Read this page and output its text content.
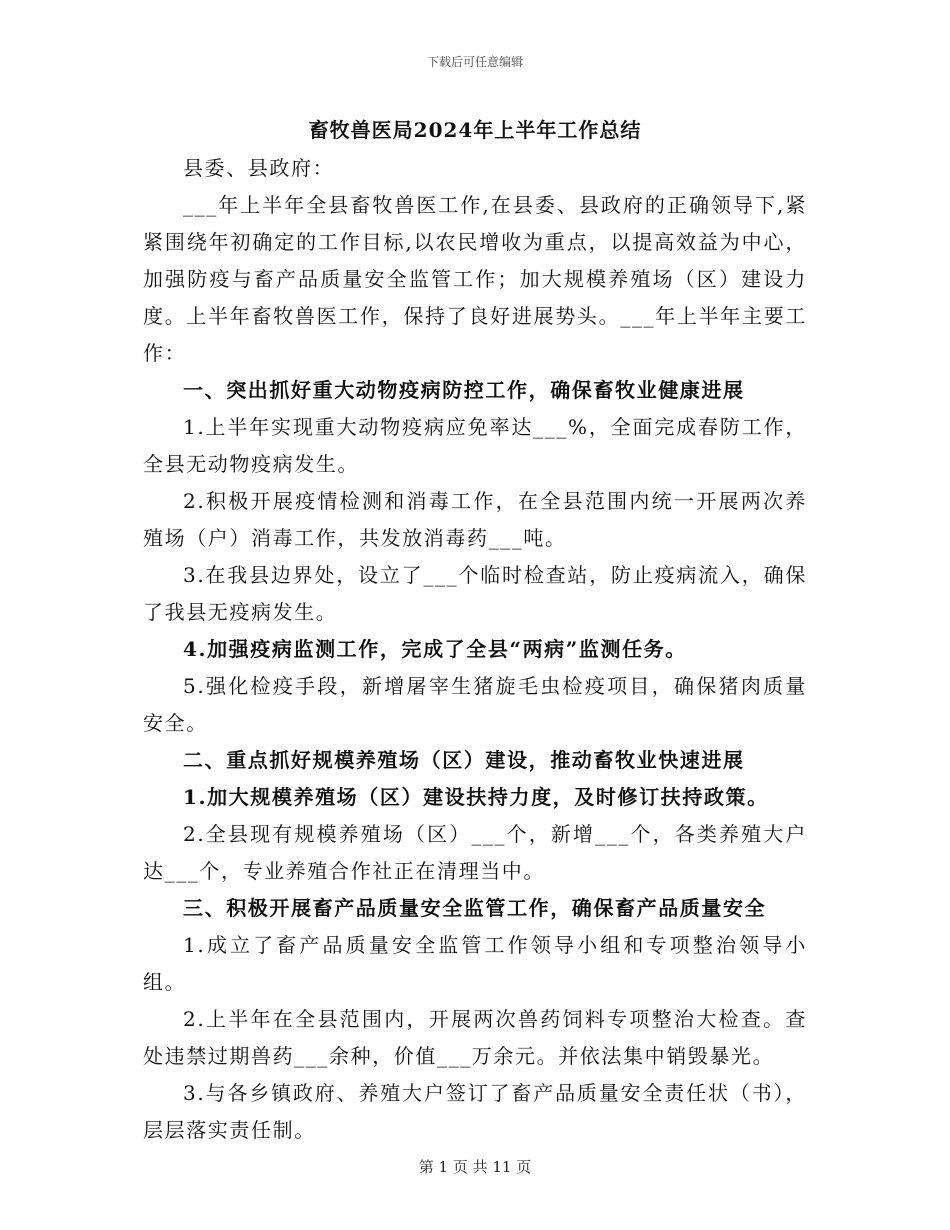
下载后可任意编辑
畜牧兽医局2024年上半年工作总结

县委、县政府：

___年上半年全县畜牧兽医工作,在县委、县政府的正确领导下,紧紧围绕年初确定的工作目标,以农民增收为重点，以提高效益为中心，加强防疫与畜产品质量安全监管工作；加大规模养殖场（区）建设力度。上半年畜牧兽医工作，保持了良好进展势头。___年上半年主要工作：

一、突出抓好重大动物疫病防控工作，确保畜牧业健康进展

1.上半年实现重大动物疫病应免率达___%，全面完成春防工作，全县无动物疫病发生。

2.积极开展疫情检测和消毒工作，在全县范围内统一开展两次养殖场（户）消毒工作，共发放消毒药___吨。

3.在我县边界处，设立了___个临时检查站，防止疫病流入，确保了我县无疫病发生。

4.加强疫病监测工作，完成了全县“两病”监测任务。

5.强化检疫手段，新增屠宰生猪旋毛虫检疫项目，确保猪肉质量安全。

二、重点抓好规模养殖场（区）建设，推动畜牧业快速进展

1.加大规模养殖场（区）建设扶持力度，及时修订扶持政策。

2.全县现有规模养殖场（区）___个，新增___个，各类养殖大户达___个，专业养殖合作社正在清理当中。

三、积极开展畜产品质量安全监管工作，确保畜产品质量安全

1.成立了畜产品质量安全监管工作领导小组和专项整治领导小组。

2.上半年在全县范围内，开展两次兽药饲料专项整治大检查。查处违禁过期兽药___余种，价值___万余元。并依法集中销毁暴光。

3.与各乡镇政府、养殖大户签订了畜产品质量安全责任状（书），层层落实责任制。

第 1 页 共 11 页
